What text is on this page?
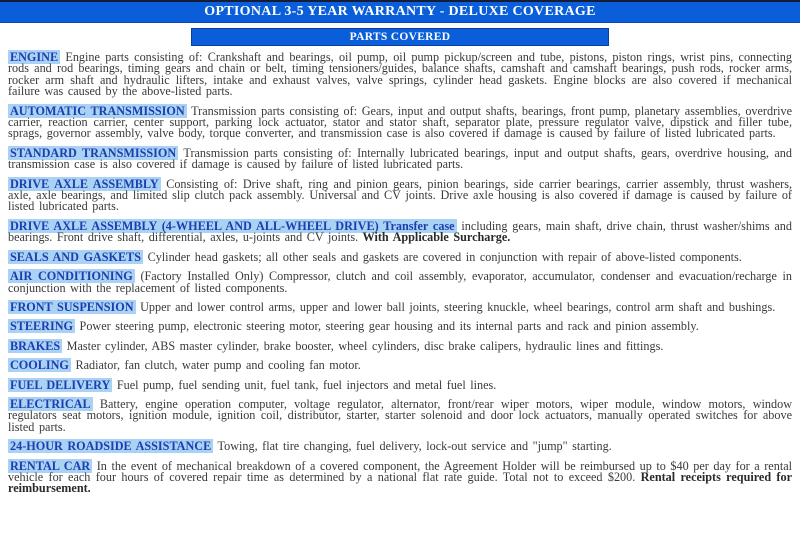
OPTIONAL 3-5 YEAR WARRANTY - DELUXE COVERAGE
PARTS COVERED

ENGINE Engine parts consisting of: Crankshaft and bearings, oil pump, oil pump pickup/screen and tube, pistons, piston rings, wrist pins, connecting rods and rod bearings, timing gears and chain or belt, timing tensioners/guides, balance shafts, camshaft and camshaft bearings, push rods, rocker arms, rocker arm shaft and hydraulic lifters, intake and exhaust valves, valve springs, cylinder head gaskets. Engine blocks are also covered if mechanical failure was caused by the above-listed parts.

AUTOMATIC TRANSMISSION Transmission parts consisting of: Gears, input and output shafts, bearings, front pump, planetary assemblies, overdrive carrier, reaction carrier, center support, parking lock actuator, stator and stator shaft, separator plate, pressure regulator valve, dipstick and filler tube, sprags, governor assembly, valve body, torque converter, and transmission case is also covered if damage is caused by failure of listed lubricated parts.

STANDARD TRANSMISSION Transmission parts consisting of: Internally lubricated bearings, input and output shafts, gears, overdrive housing, and transmission case is also covered if damage is caused by failure of listed lubricated parts.

DRIVE AXLE ASSEMBLY Consisting of: Drive shaft, ring and pinion gears, pinion bearings, side carrier bearings, carrier assembly, thrust washers, axle, axle bearings, and limited slip clutch pack assembly. Universal and CV joints. Drive axle housing is also covered if damage is caused by failure of listed lubricated parts.

DRIVE AXLE ASSEMBLY (4-WHEEL AND ALL-WHEEL DRIVE) Transfer case including gears, main shaft, drive chain, thrust washer/shims and bearings. Front drive shaft, differential, axles, u-joints and CV joints. With Applicable Surcharge.

SEALS AND GASKETS Cylinder head gaskets; all other seals and gaskets are covered in conjunction with repair of above-listed components.

AIR CONDITIONING (Factory Installed Only) Compressor, clutch and coil assembly, evaporator, accumulator, condenser and evacuation/recharge in conjunction with the replacement of listed components.

FRONT SUSPENSION Upper and lower control arms, upper and lower ball joints, steering knuckle, wheel bearings, control arm shaft and bushings.

STEERING Power steering pump, electronic steering motor, steering gear housing and its internal parts and rack and pinion assembly.

BRAKES Master cylinder, ABS master cylinder, brake booster, wheel cylinders, disc brake calipers, hydraulic lines and fittings.

COOLING Radiator, fan clutch, water pump and cooling fan motor.

FUEL DELIVERY Fuel pump, fuel sending unit, fuel tank, fuel injectors and metal fuel lines.

ELECTRICAL Battery, engine operation computer, voltage regulator, alternator, front/rear wiper motors, wiper module, window motors, window regulators seat motors, ignition module, ignition coil, distributor, starter, starter solenoid and door lock actuators, manually operated switches for above listed parts.

24-HOUR ROADSIDE ASSISTANCE Towing, flat tire changing, fuel delivery, lock-out service and "jump" starting.

RENTAL CAR In the event of mechanical breakdown of a covered component, the Agreement Holder will be reimbursed up to $40 per day for a rental vehicle for each four hours of covered repair time as determined by a national flat rate guide. Total not to exceed $200. Rental receipts required for reimbursement.
